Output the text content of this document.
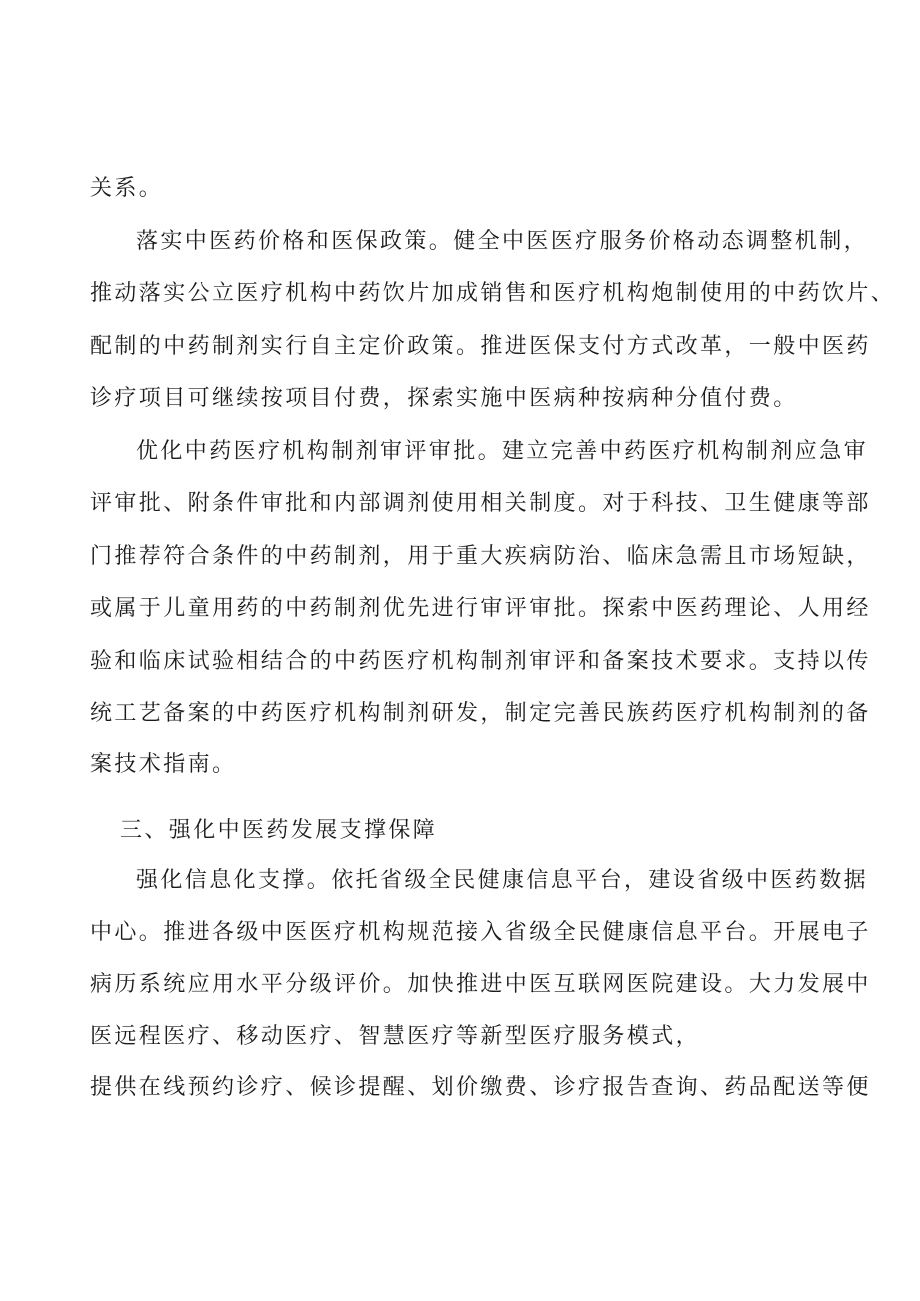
关系。
落实中医药价格和医保政策。健全中医医疗服务价格动态调整机制，
推动落实公立医疗机构中药饮片加成销售和医疗机构炮制使用的中药饮片、
配制的中药制剂实行自主定价政策。推进医保支付方式改革，一般中医药
诊疗项目可继续按项目付费，探索实施中医病种按病种分值付费。
优化中药医疗机构制剂审评审批。建立完善中药医疗机构制剂应急审
评审批、附条件审批和内部调剂使用相关制度。对于科技、卫生健康等部
门推荐符合条件的中药制剂，用于重大疾病防治、临床急需且市场短缺，
或属于儿童用药的中药制剂优先进行审评审批。探索中医药理论、人用经
验和临床试验相结合的中药医疗机构制剂审评和备案技术要求。支持以传
统工艺备案的中药医疗机构制剂研发，制定完善民族药医疗机构制剂的备
案技术指南。
三、强化中医药发展支撑保障
强化信息化支撑。依托省级全民健康信息平台，建设省级中医药数据
中心。推进各级中医医疗机构规范接入省级全民健康信息平台。开展电子
病历系统应用水平分级评价。加快推进中医互联网医院建设。大力发展中
医远程医疗、移动医疗、智慧医疗等新型医疗服务模式，
提供在线预约诊疗、候诊提醒、划价缴费、诊疗报告查询、药品配送等便
